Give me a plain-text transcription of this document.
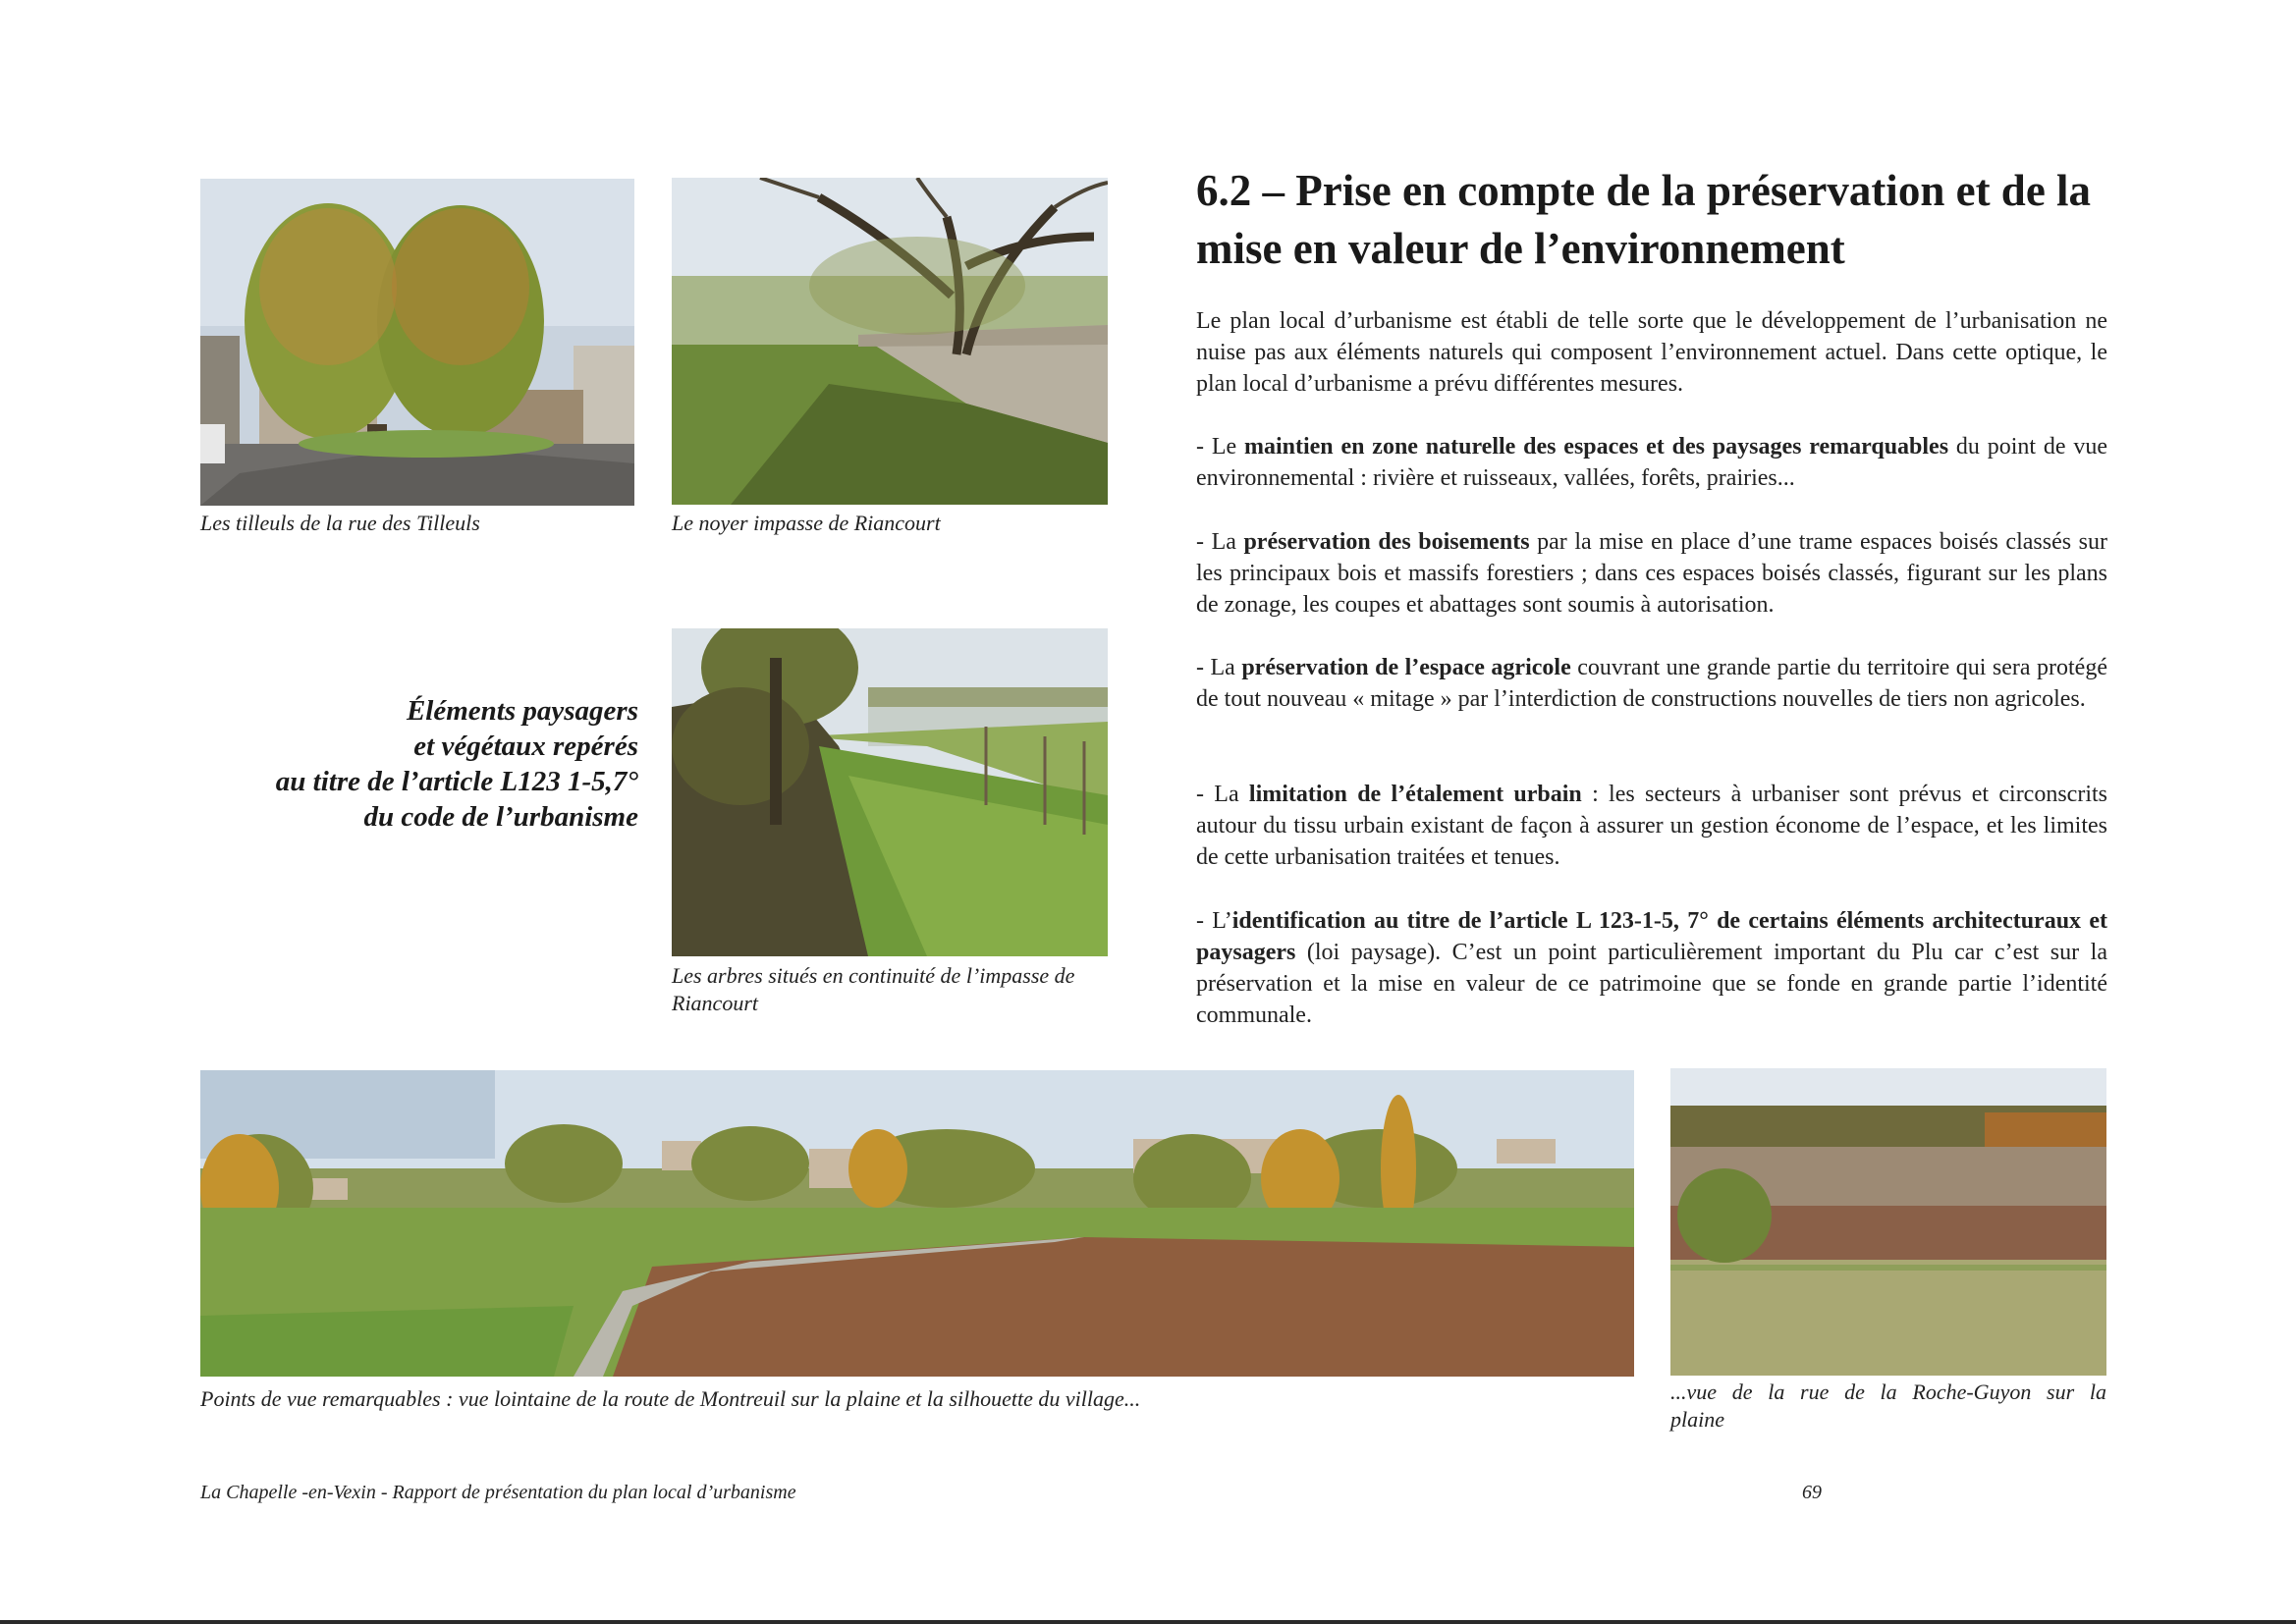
Les tilleuls de la rue des Tilleuls	Le noyer impasse de Riancourt
Éléments paysagers
et végétaux repérés
au titre de l’article L123 1-5,7°
du code de l’urbanisme
Les arbres situés en continuité de l’impasse de
Riancourt
6.2 – Prise en compte de la préservation et de la mise en valeur de l’environnement
Le plan local d’urbanisme est établi de telle sorte que le développement de l’urbanisation ne nuise pas aux éléments naturels qui composent l’environnement actuel. Dans cette optique, le plan local d’urbanisme a prévu différentes mesures.
- Le maintien en zone naturelle des espaces et des paysages remarquables du point de vue environnemental : rivière et ruisseaux, vallées, forêts, prairies...
- La préservation des boisements par la mise en place d’une trame espaces boisés classés sur les principaux bois et massifs forestiers ; dans ces espaces boisés classés, figurant sur les plans de zonage, les coupes et abattages sont soumis à autorisation.
- La préservation de l’espace agricole couvrant une grande partie du territoire qui sera protégé de tout nouveau « mitage » par l’interdiction de constructions nouvelles de tiers non agricoles.
- La limitation de l’étalement urbain : les secteurs à urbaniser sont prévus et circonscrits autour du tissu urbain existant de façon à assurer un gestion économe de l’espace, et les limites de cette urbanisation traitées et tenues.
- L’identification au titre de l’article L 123-1-5, 7° de certains éléments architecturaux et paysagers (loi paysage). C’est un point particulièrement important du Plu car c’est sur la préservation et la mise en valeur de ce patrimoine que se fonde en grande partie l’identité communale.
Points de vue remarquables : vue lointaine de la route de Montreuil sur la plaine et la silhouette du village...	...vue de la rue de la Roche-Guyon sur la
plaine
La Chapelle -en-Vexin - Rapport de présentation du plan local d’urbanisme	69
